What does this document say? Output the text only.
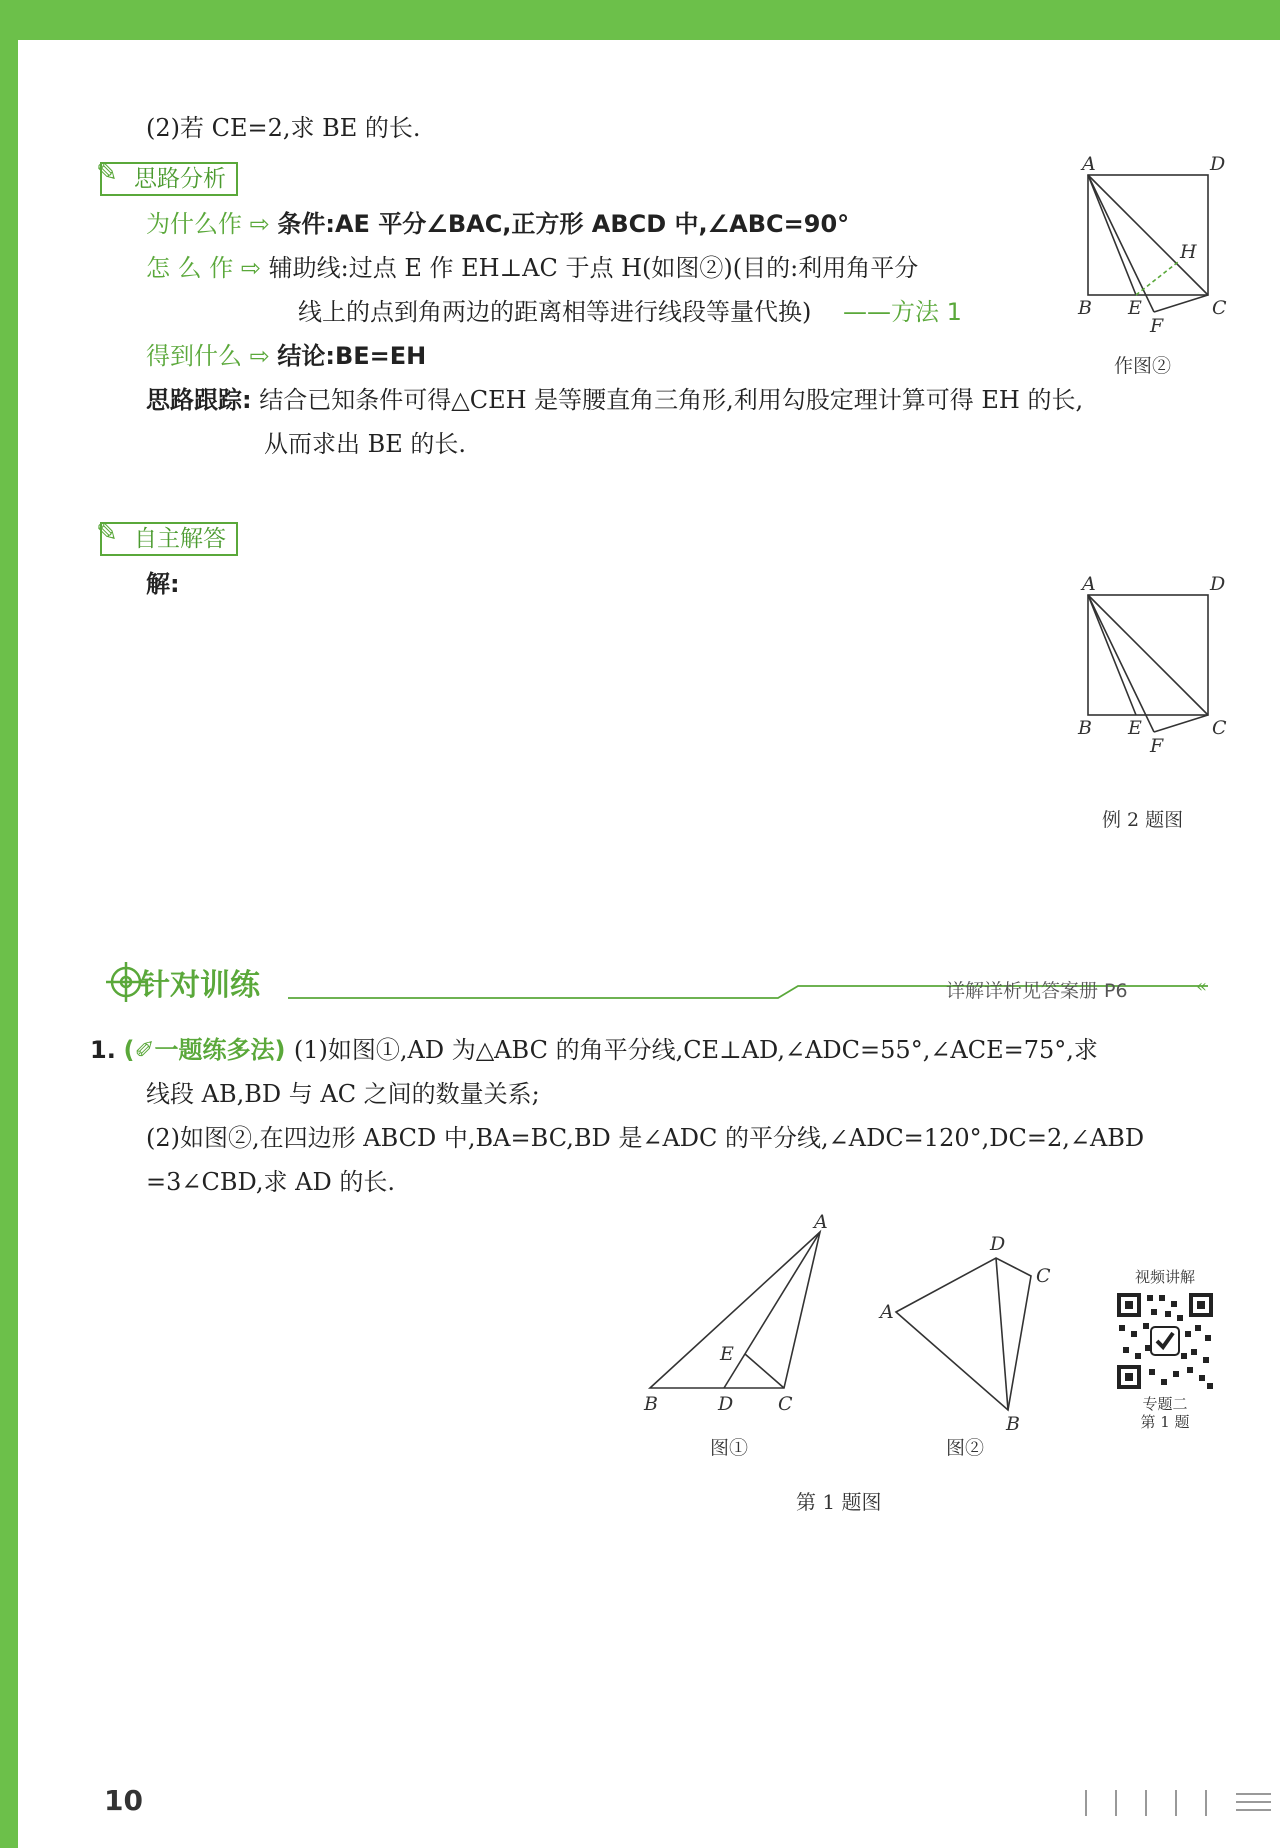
(2)若 CE=2,求 BE 的长.
✎ 思路分析
为什么作 ⇨ 条件:AE 平分∠BAC,正方形 ABCD 中,∠ABC=90°
怎 么 作 ⇨ 辅助线:过点 E 作 EH⊥AC 于点 H(如图②)(目的:利用角平分
线上的点到角两边的距离相等进行线段等量代换) ——方法 1
得到什么 ⇨ 结论:BE=EH
思路跟踪: 结合已知条件可得△CEH 是等腰直角三角形,利用勾股定理计算可得 EH 的长,
从而求出 BE 的长.
A	D
H
B E	C
F
作图②
✎ 自主解答
解:	A	D
B E	C
F
例 2 题图
«
针对训练	详解详析见答案册 P6
1. (✐一题练多法) (1)如图①,AD 为△ABC 的角平分线,CE⊥AD,∠ADC=55°,∠ACE=75°,求
线段 AB,BD 与 AC 之间的数量关系;
(2)如图②,在四边形 ABCD 中,BA=BC,BD 是∠ADC 的平分线,∠ADC=120°,DC=2,∠ABD
=3∠CBD,求 AD 的长.
A
E
B	D C
图①
D
C
A
B
图②
第 1 题图
视频讲解
专题二
第 1 题
10
